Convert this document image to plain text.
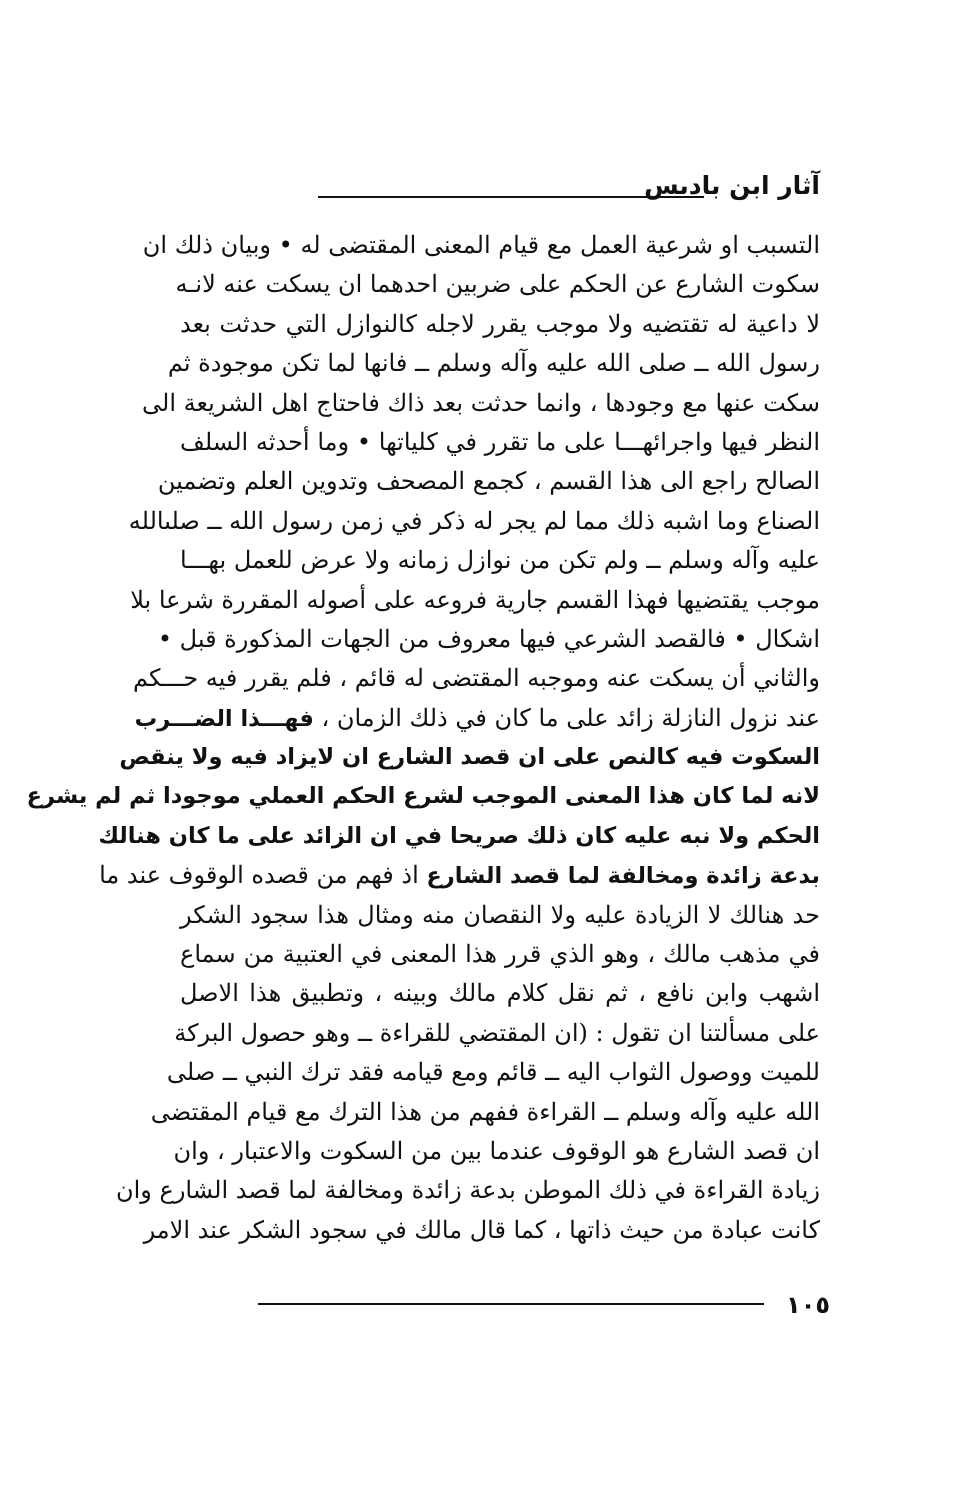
آثار ابن باديس
التسبب او شرعية العمل مع قيام المعنى المقتضى له • وبيان ذلك ان
سكوت الشارع عن الحكم على ضربين احدهما ان يسكت عنه لانـه
لا داعية له تقتضيه ولا موجب يقرر لاجله كالنوازل التي حدثت بعد
رسول الله ــ صلى الله عليه وآله وسلم ــ فانها لما تكن موجودة ثم
سكت عنها مع وجودها ، وانما حدثت بعد ذاك فاحتاج اهل الشريعة الى
النظر فيها واجرائهـــا على ما تقرر في كلياتها • وما أحدثه السلف
الصالح راجع الى هذا القسم ، كجمع المصحف وتدوين العلم وتضمين
الصناع وما اشبه ذلك مما لم يجر له ذكر في زمن رسول الله ــ صلىالله
عليه وآله وسلم ــ ولم تكن من نوازل زمانه ولا عرض للعمل بهـــا
موجب يقتضيها فهذا القسم جارية فروعه على أصوله المقررة شرعا بلا
اشكال • فالقصد الشرعي فيها معروف من الجهات المذكورة قبل •
والثاني أن يسكت عنه وموجبه المقتضى له قائم ، فلم يقرر فيه حـــكم
عند نزول النازلة زائد على ما كان في ذلك الزمان ، فهـــذا الضـــرب
السكوت فيه كالنص على ان قصد الشارع ان لايزاد فيه ولا ينقص
لانه لما كان هذا المعنى الموجب لشرع الحكم العملي موجودا ثم لم يشرع
الحكم ولا نبه عليه كان ذلك صريحا في ان الزائد على ما كان هنالك
بدعة زائدة ومخالفة لما قصد الشارع اذ فهم من قصده الوقوف عند ما
حد هنالك لا الزيادة عليه ولا النقصان منه ومثال هذا سجود الشكر
في مذهب مالك ، وهو الذي قرر هذا المعنى في العتبية من سماع
اشهب وابن نافع ، ثم نقل كلام مالك وبينه ، وتطبيق هذا الاصل
على مسألتنا ان تقول : (ان المقتضي للقراءة ــ وهو حصول البركة
للميت ووصول الثواب اليه ــ قائم ومع قيامه فقد ترك النبي ــ صلى
الله عليه وآله وسلم ــ القراءة ففهم من هذا الترك مع قيام المقتضى
ان قصد الشارع هو الوقوف عندما بين من السكوت والاعتبار ، وان
زيادة القراءة في ذلك الموطن بدعة زائدة ومخالفة لما قصد الشارع وان
كانت عبادة من حيث ذاتها ، كما قال مالك في سجود الشكر عند الامر
١٠٥
